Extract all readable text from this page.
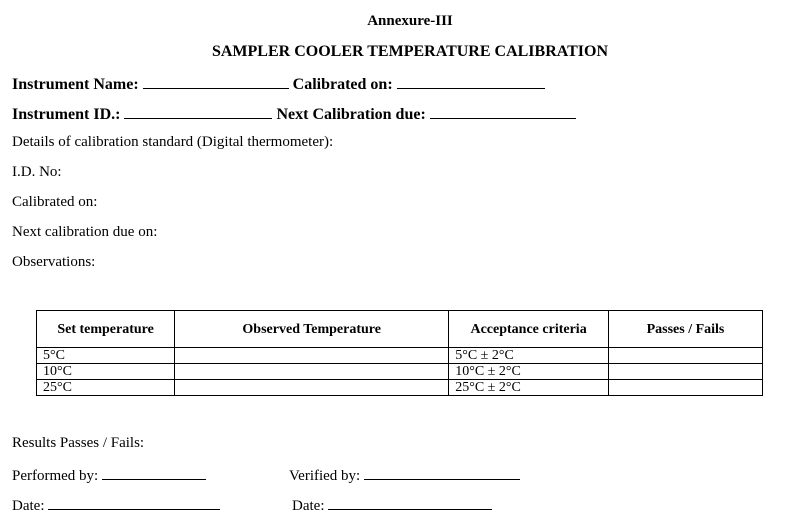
Annexure-III
SAMPLER COOLER TEMPERATURE CALIBRATION
Instrument Name:	Calibrated on:
Instrument ID.:	Next Calibration due:
Details of calibration standard (Digital thermometer):
I.D. No:
Calibrated on:
Next calibration due on:
Observations:
Set temperature	Observed Temperature	Acceptance criteria	Passes / Fails
5°C		5°C ± 2°C	
10°C		10°C ± 2°C	
25°C		25°C ± 2°C	
Results Passes / Fails:
Performed by:	Verified by:
Date:	Date:
